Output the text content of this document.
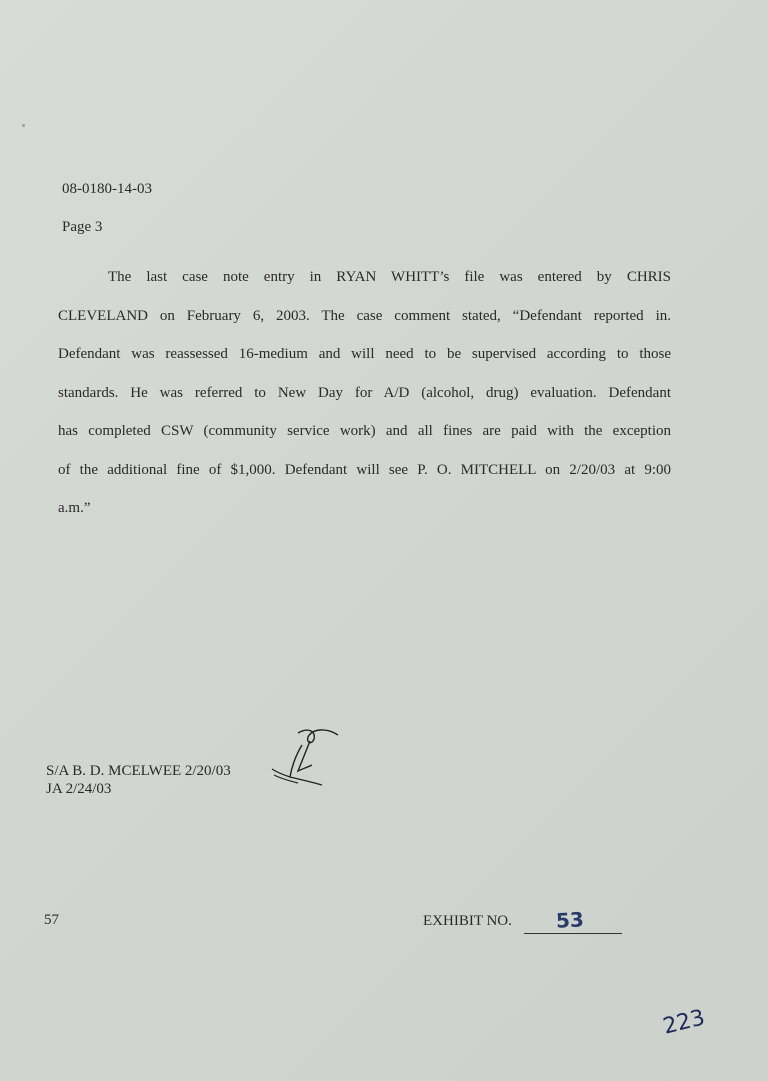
08-0180-14-03
Page 3
The last case note entry in RYAN WHITT’s file was entered by CHRIS
CLEVELAND on February 6, 2003. The case comment stated, “Defendant reported in.
Defendant was reassessed 16-medium and will need to be supervised according to those
standards. He was referred to New Day for A/D (alcohol, drug) evaluation. Defendant
has completed CSW (community service work) and all fines are paid with the exception
of the additional fine of $1,000. Defendant will see P. O. MITCHELL on 2/20/03 at 9:00
a.m.”
S/A B. D. MCELWEE 2/20/03
JA 2/24/03
57	EXHIBIT NO. 53
223
